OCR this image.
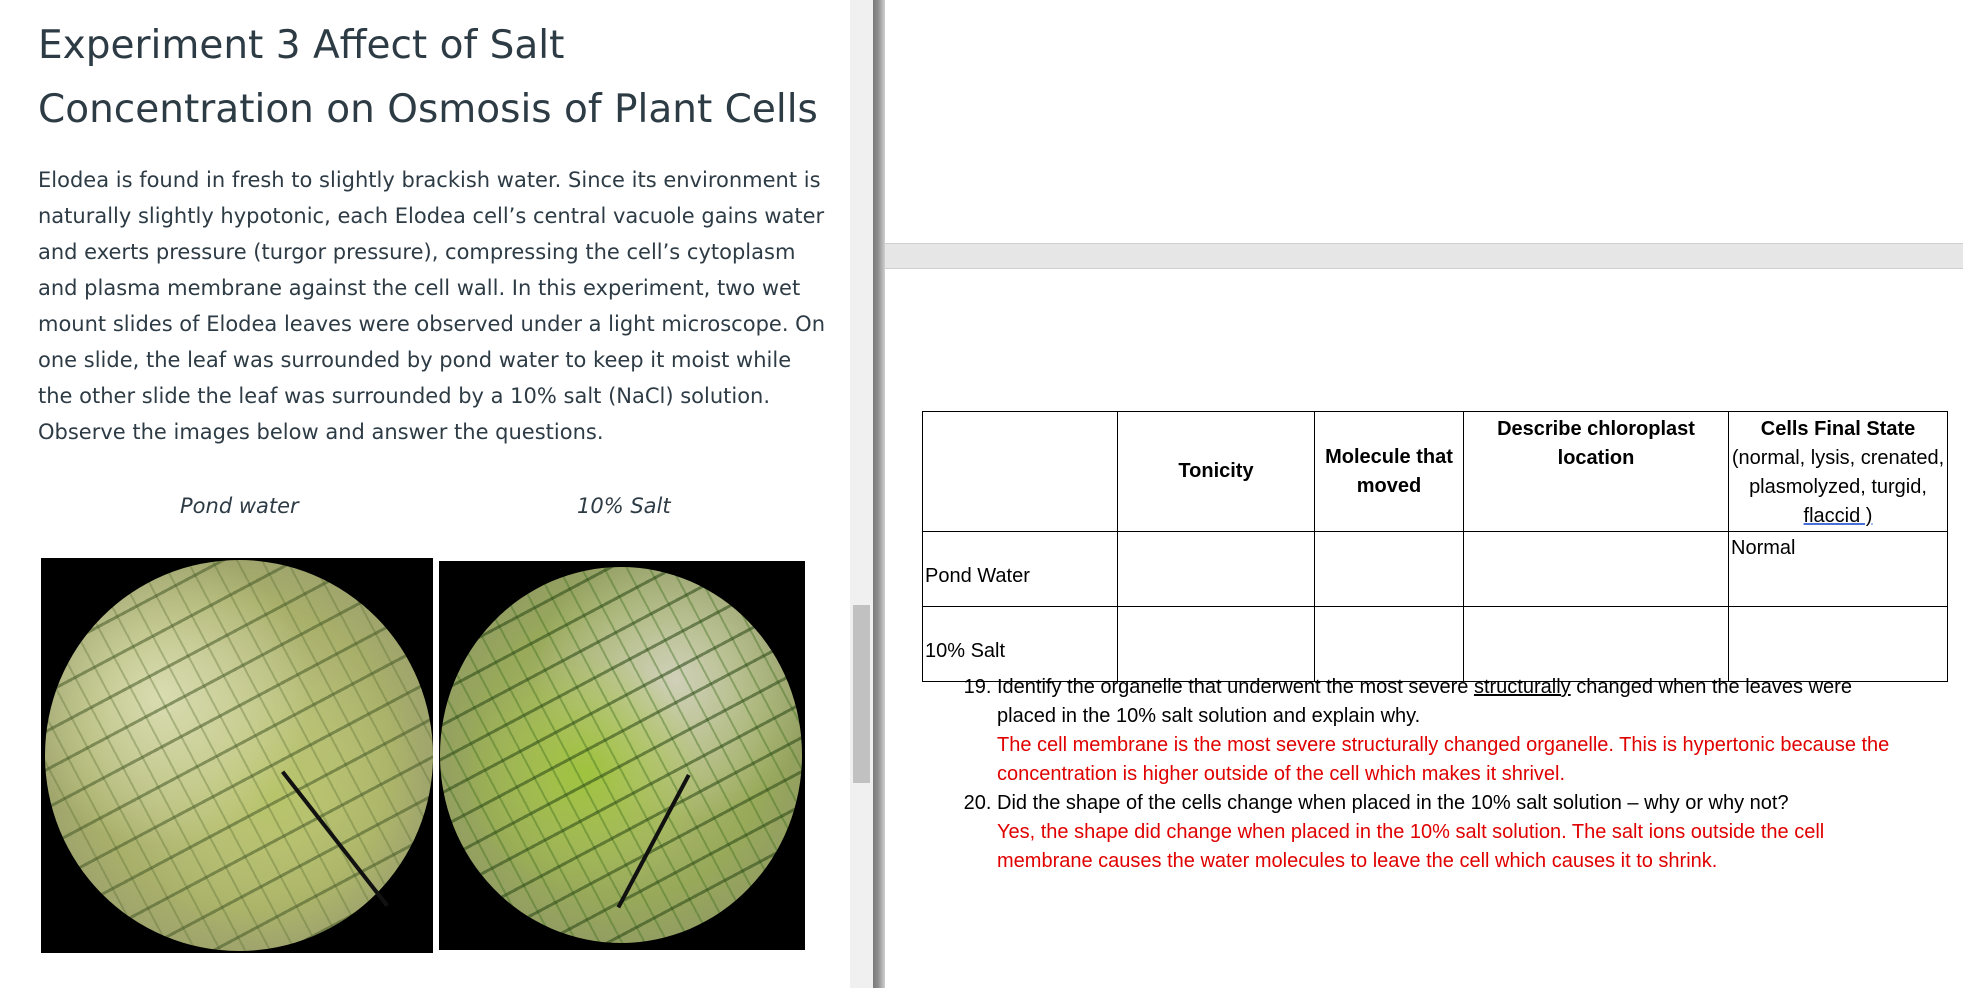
Experiment 3 Affect of Salt
Concentration on Osmosis of Plant Cells

Elodea is found in fresh to slightly brackish water. Since its environment is naturally slightly hypotonic, each Elodea cell’s central vacuole gains water and exerts pressure (turgor pressure), compressing the cell’s cytoplasm and plasma membrane against the cell wall. In this experiment, two wet mount slides of Elodea leaves were observed under a light microscope. On one slide, the leaf was surrounded by pond water to keep it moist while the other slide the leaf was surrounded by a 10% salt (NaCl) solution. Observe the images below and answer the questions.

Pond water	10% Salt
	Tonicity	Molecule that moved	Describe chloroplast location	Cells Final State
(normal, lysis, crenated, plasmolyzed, turgid,
flaccid )

Pond Water				Normal
10% Salt				
19. Identify the organelle that underwent the most severe structurally changed when the leaves were placed in the 10% salt solution and explain why.
The cell membrane is the most severe structurally changed organelle. This is hypertonic because the concentration is higher outside of the cell which makes it shrivel.
20. Did the shape of the cells change when placed in the 10% salt solution – why or why not?
Yes, the shape did change when placed in the 10% salt solution. The salt ions outside the cell membrane causes the water molecules to leave the cell which causes it to shrink.
